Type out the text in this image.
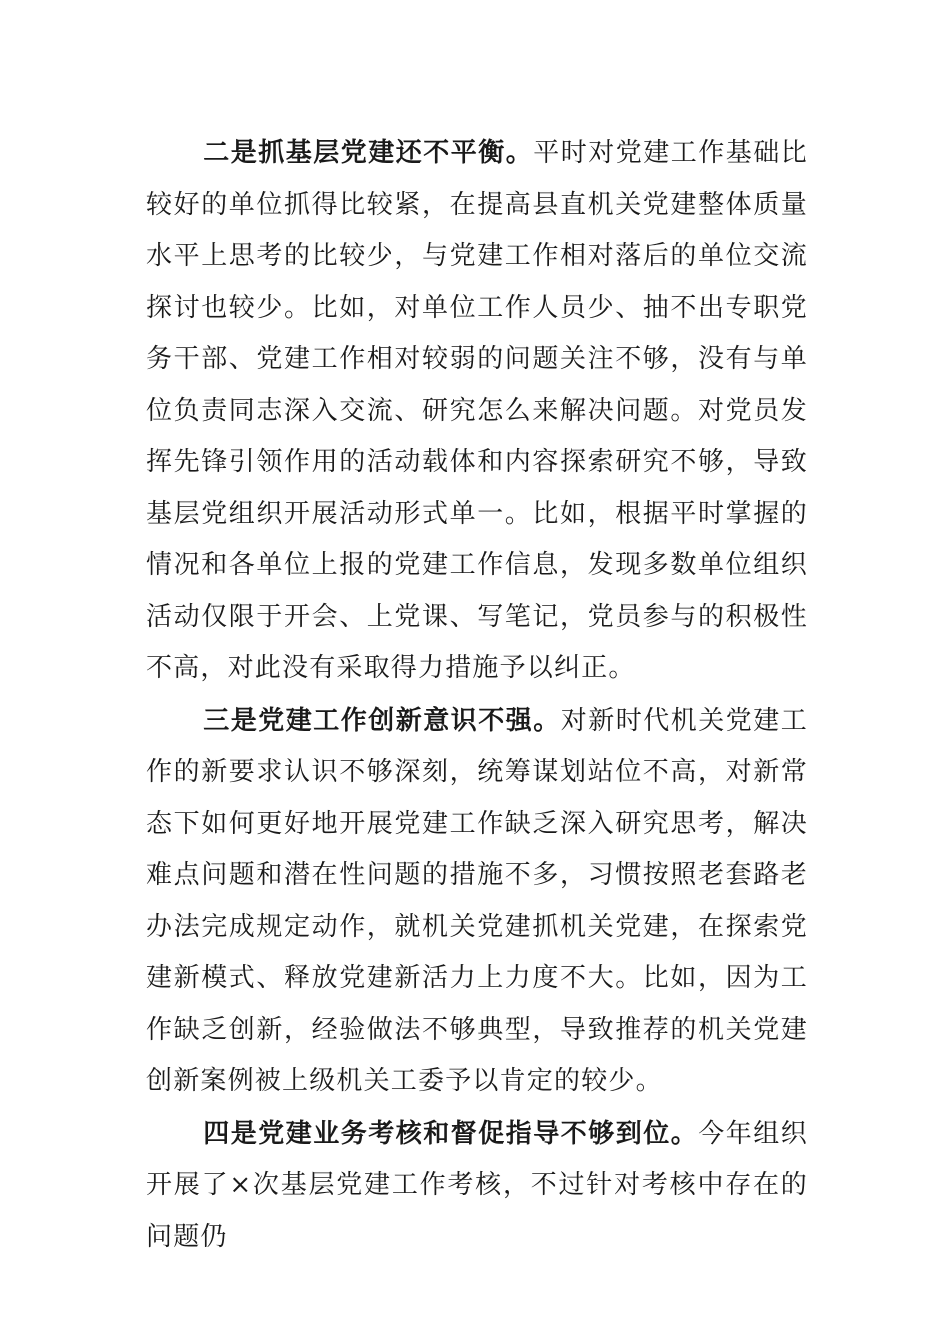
二是抓基层党建还不平衡。平时对党建工作基础比较好的单位抓得比较紧，在提高县直机关党建整体质量水平上思考的比较少，与党建工作相对落后的单位交流探讨也较少。比如，对单位工作人员少、抽不出专职党务干部、党建工作相对较弱的问题关注不够，没有与单位负责同志深入交流、研究怎么来解决问题。对党员发挥先锋引领作用的活动载体和内容探索研究不够，导致基层党组织开展活动形式单一。比如，根据平时掌握的情况和各单位上报的党建工作信息，发现多数单位组织活动仅限于开会、上党课、写笔记，党员参与的积极性不高，对此没有采取得力措施予以纠正。

三是党建工作创新意识不强。对新时代机关党建工作的新要求认识不够深刻，统筹谋划站位不高，对新常态下如何更好地开展党建工作缺乏深入研究思考，解决难点问题和潜在性问题的措施不多，习惯按照老套路老办法完成规定动作，就机关党建抓机关党建，在探索党建新模式、释放党建新活力上力度不大。比如，因为工作缺乏创新，经验做法不够典型，导致推荐的机关党建创新案例被上级机关工委予以肯定的较少。

四是党建业务考核和督促指导不够到位。今年组织开展了×次基层党建工作考核，不过针对考核中存在的问题仍
